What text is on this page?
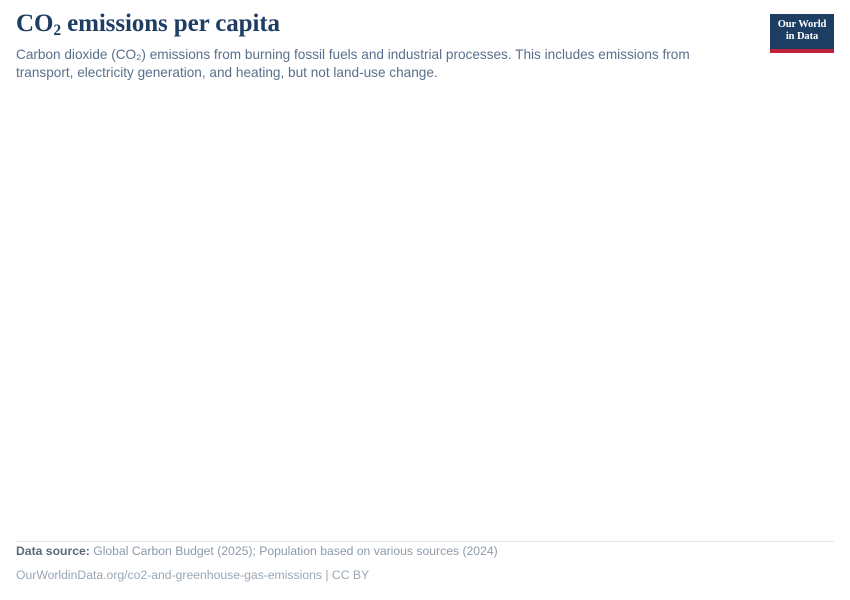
$CO_2$ emissions per capita
Carbon dioxide (CO₂) emissions from burning fossil fuels and industrial processes. This includes emissions from transport, electricity generation, and heating, but not land-use change.
Our World
in Data
Data source: Global Carbon Budget (2025); Population based on various sources (2024)
OurWorldinData.org/co2-and-greenhouse-gas-emissions | CC BY
